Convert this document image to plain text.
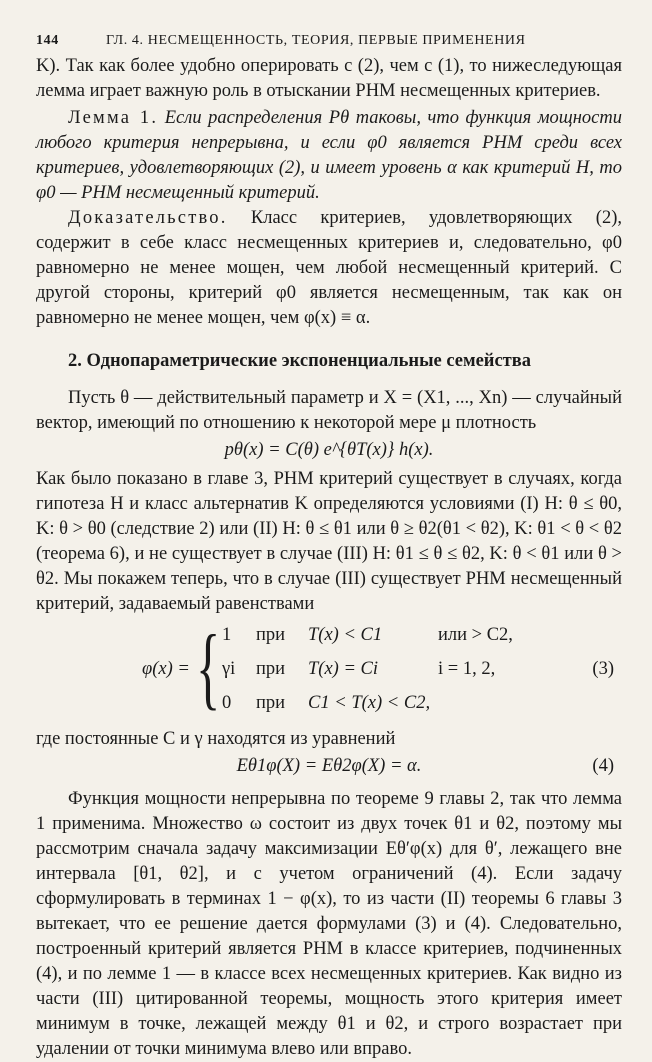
144	ГЛ. 4. НЕСМЕЩЕННОСТЬ, ТЕОРИЯ, ПЕРВЫЕ ПРИМЕНЕНИЯ

K). Так как более удобно оперировать с (2), чем с (1), то нижеследующая лемма играет важную роль в отыскании РНМ несмещенных критериев.

Лемма 1. Если распределения Pθ таковы, что функция мощности любого критерия непрерывна, и если φ0 является РНМ среди всех критериев, удовлетворяющих (2), и имеет уровень α как критерий H, то φ0 — РНМ несмещенный критерий.

Доказательство. Класс критериев, удовлетворяющих (2), содержит в себе класс несмещенных критериев и, следовательно, φ0 равномерно не менее мощен, чем любой несмещенный критерий. С другой стороны, критерий φ0 является несмещенным, так как он равномерно не менее мощен, чем φ(x) ≡ α.

2. Однопараметрические экспоненциальные семейства

Пусть θ — действительный параметр и X = (X1, ..., Xn) — случайный вектор, имеющий по отношению к некоторой мере μ плотность

pθ(x) = C(θ) e^{θT(x)} h(x).

Как было показано в главе 3, РНМ критерий существует в случаях, когда гипотеза H и класс альтернатив K определяются условиями (I) H: θ ≤ θ0, K: θ > θ0 (следствие 2) или (II) H: θ ≤ θ1 или θ ≥ θ2(θ1 < θ2), K: θ1 < θ < θ2 (теорема 6), и не существует в случае (III) H: θ1 ≤ θ ≤ θ2, K: θ < θ1 или θ > θ2. Мы покажем теперь, что в случае (III) существует РНМ несмещенный критерий, задаваемый равенствами

φ(x) = { 1	при	T(x) < C1	или > C2,
γi	при	T(x) = Ci	i = 1, 2,
0	при	C1 < T(x) < C2,
(3)

где постоянные C и γ находятся из уравнений

Eθ1φ(X) = Eθ2φ(X) = α.	(4)

Функция мощности непрерывна по теореме 9 главы 2, так что лемма 1 применима. Множество ω состоит из двух точек θ1 и θ2, поэтому мы рассмотрим сначала задачу максимизации Eθ′φ(x) для θ′, лежащего вне интервала [θ1, θ2], и с учетом ограничений (4). Если задачу сформулировать в терминах 1 − φ(x), то из части (II) теоремы 6 главы 3 вытекает, что ее решение дается формулами (3) и (4). Следовательно, построенный критерий является РНМ в классе критериев, подчиненных (4), и по лемме 1 — в классе всех несмещенных критериев. Как видно из части (III) цитированной теоремы, мощность этого критерия имеет минимум в точке, лежащей между θ1 и θ2, и строго возрастает при удалении от точки минимума влево или вправо.
